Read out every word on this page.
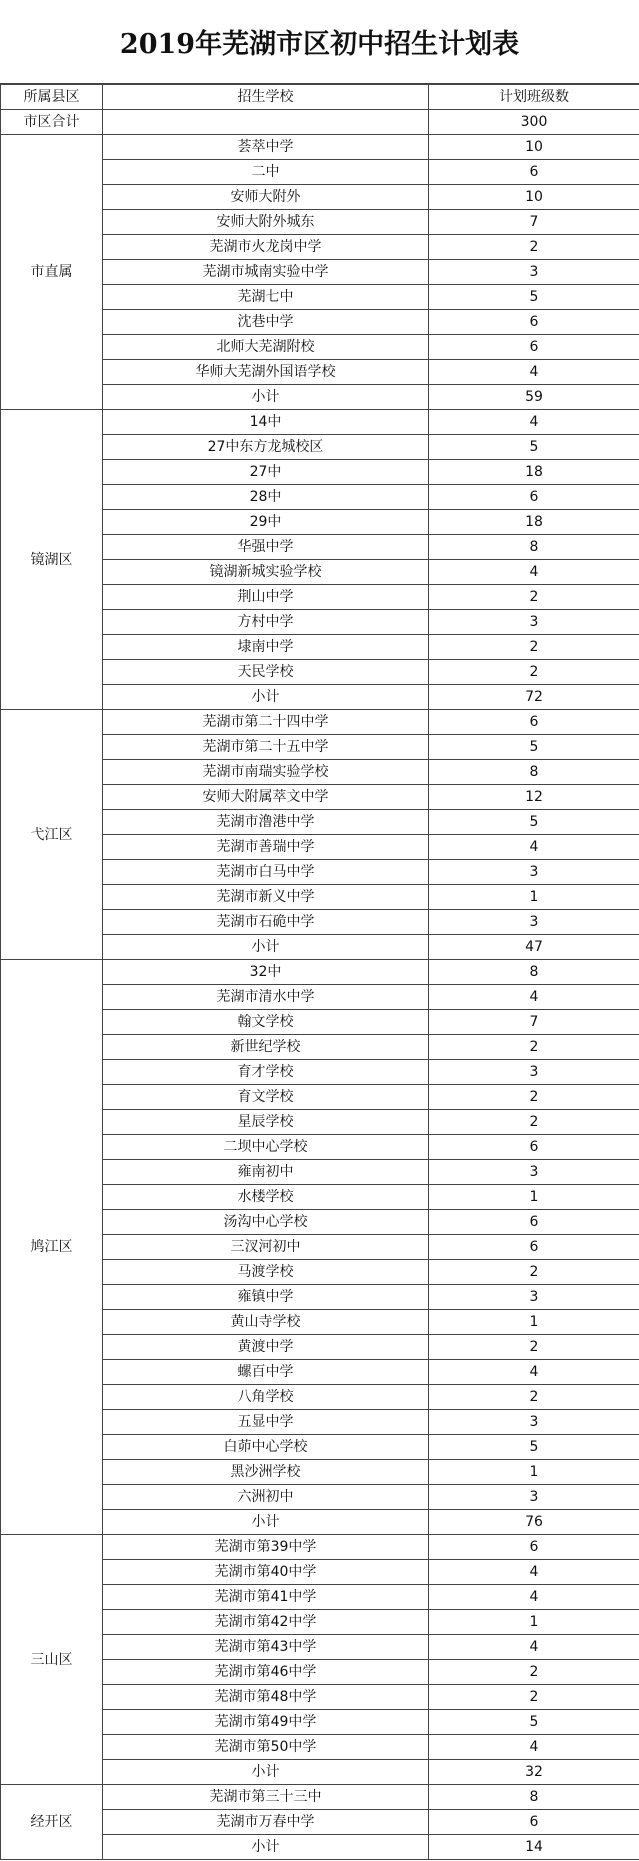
2019年芜湖市区初中招生计划表
所属县区	招生学校	计划班级数
市区合计		300
市直属	荟萃中学	10
	二中	6
	安师大附外	10
	安师大附外城东	7
	芜湖市火龙岗中学	2
	芜湖市城南实验中学	3
	芜湖七中	5
	沈巷中学	6
	北师大芜湖附校	6
	华师大芜湖外国语学校	4
	小计	59
镜湖区	14中	4
	27中东方龙城校区	5
	27中	18
	28中	6
	29中	18
	华强中学	8
	镜湖新城实验学校	4
	荆山中学	2
	方村中学	3
	埭南中学	2
	天民学校	2
	小计	72
弋江区	芜湖市第二十四中学	6
	芜湖市第二十五中学	5
	芜湖市南瑞实验学校	8
	安师大附属萃文中学	12
	芜湖市澛港中学	5
	芜湖市善瑞中学	4
	芜湖市白马中学	3
	芜湖市新义中学	1
	芜湖市石硊中学	3
	小计	47
鸠江区	32中	8
	芜湖市清水中学	4
	翰文学校	7
	新世纪学校	2
	育才学校	3
	育文学校	2
	星辰学校	2
	二坝中心学校	6
	雍南初中	3
	水楼学校	1
	汤沟中心学校	6
	三汊河初中	6
	马渡学校	2
	雍镇中学	3
	黄山寺学校	1
	黄渡中学	2
	螺百中学	4
	八角学校	2
	五显中学	3
	白茆中心学校	5
	黑沙洲学校	1
	六洲初中	3
	小计	76
三山区	芜湖市第39中学	6
	芜湖市第40中学	4
	芜湖市第41中学	4
	芜湖市第42中学	1
	芜湖市第43中学	4
	芜湖市第46中学	2
	芜湖市第48中学	2
	芜湖市第49中学	5
	芜湖市第50中学	4
	小计	32
经开区	芜湖市第三十三中	8
	芜湖市万春中学	6
	小计	14
